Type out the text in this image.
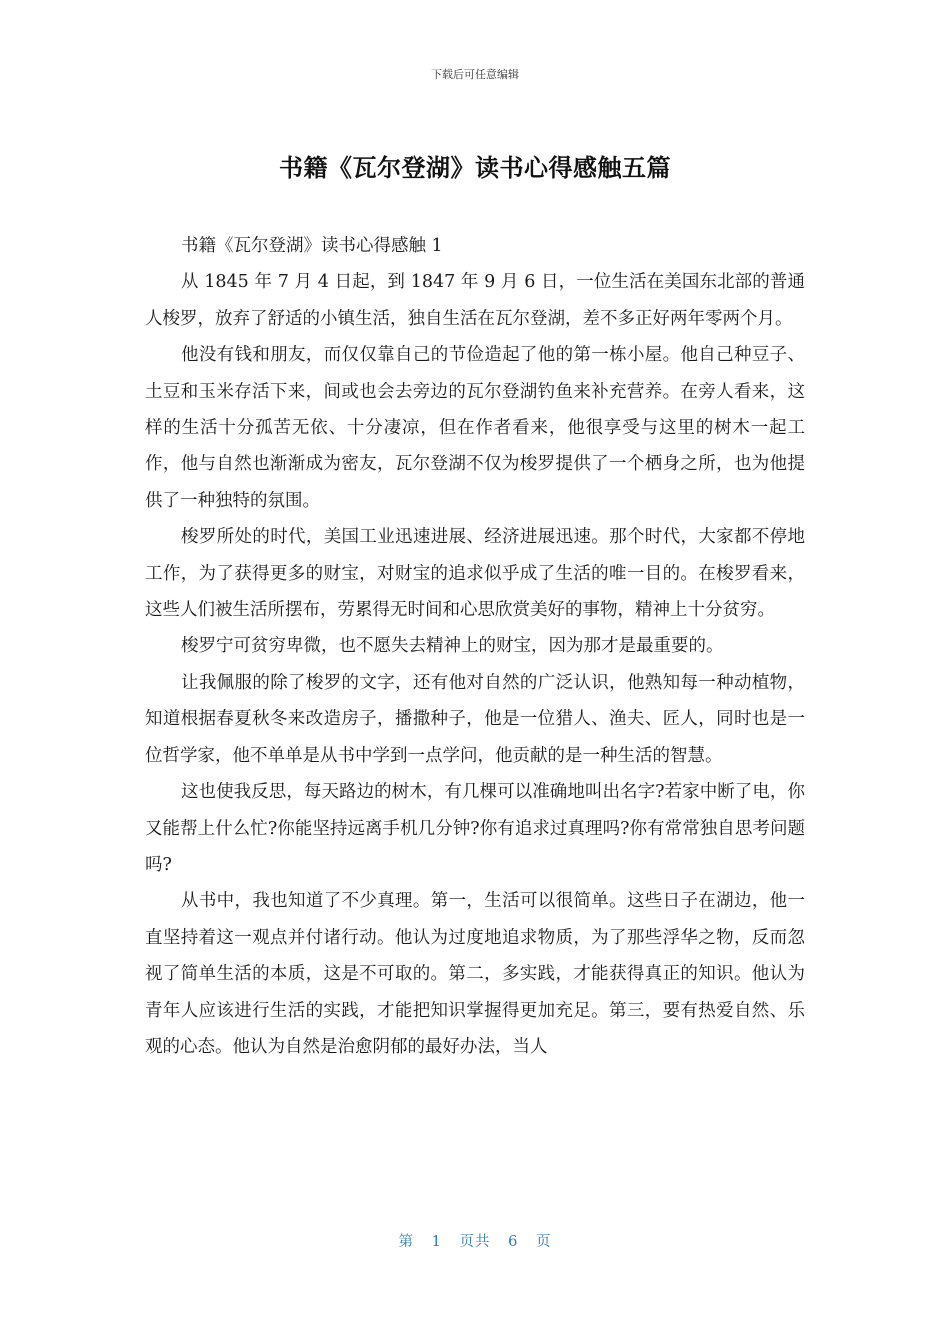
下载后可任意编辑
书籍《瓦尔登湖》读书心得感触五篇

书籍《瓦尔登湖》读书心得感触 1

从 1845 年 7 月 4 日起，到 1847 年 9 月 6 日，一位生活在美国东北部的普通人梭罗，放弃了舒适的小镇生活，独自生活在瓦尔登湖，差不多正好两年零两个月。

他没有钱和朋友，而仅仅靠自己的节俭造起了他的第一栋小屋。他自己种豆子、土豆和玉米存活下来，间或也会去旁边的瓦尔登湖钓鱼来补充营养。在旁人看来，这样的生活十分孤苦无依、十分凄凉，但在作者看来，他很享受与这里的树木一起工作，他与自然也渐渐成为密友，瓦尔登湖不仅为梭罗提供了一个栖身之所，也为他提供了一种独特的氛围。

梭罗所处的时代，美国工业迅速进展、经济进展迅速。那个时代，大家都不停地工作，为了获得更多的财宝，对财宝的追求似乎成了生活的唯一目的。在梭罗看来，这些人们被生活所摆布，劳累得无时间和心思欣赏美好的事物，精神上十分贫穷。

梭罗宁可贫穷卑微，也不愿失去精神上的财宝，因为那才是最重要的。

让我佩服的除了梭罗的文字，还有他对自然的广泛认识，他熟知每一种动植物，知道根据春夏秋冬来改造房子，播撒种子，他是一位猎人、渔夫、匠人，同时也是一位哲学家，他不单单是从书中学到一点学问，他贡献的是一种生活的智慧。

这也使我反思，每天路边的树木，有几棵可以准确地叫出名字?若家中断了电，你又能帮上什么忙?你能坚持远离手机几分钟?你有追求过真理吗?你有常常独自思考问题吗?

从书中，我也知道了不少真理。第一，生活可以很简单。这些日子在湖边，他一直坚持着这一观点并付诸行动。他认为过度地追求物质，为了那些浮华之物，反而忽视了简单生活的本质，这是不可取的。第二，多实践，才能获得真正的知识。他认为青年人应该进行生活的实践，才能把知识掌握得更加充足。第三，要有热爱自然、乐观的心态。他认为自然是治愈阴郁的最好办法，当人

第 1 页共 6 页
